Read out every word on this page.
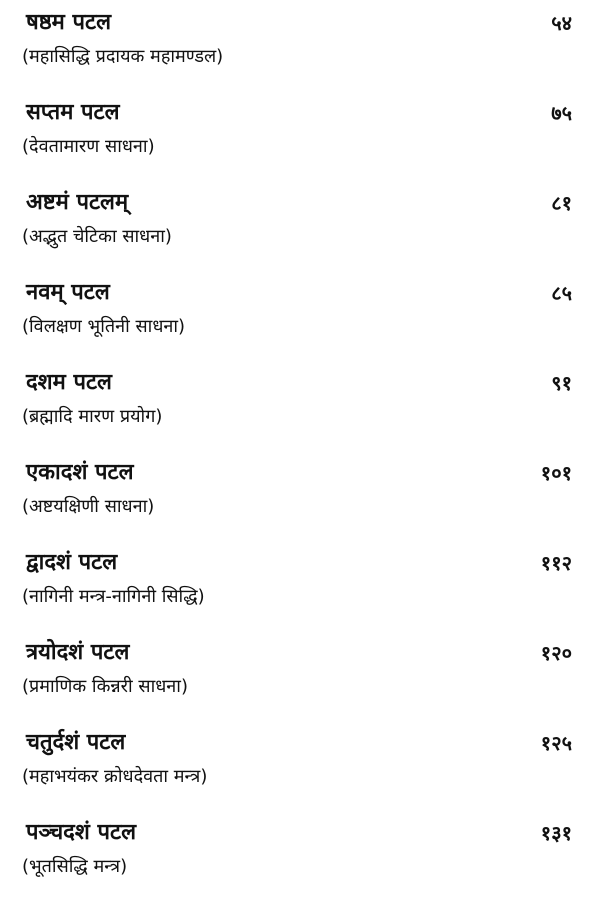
षष्ठम पटल	५४
(महासिद्धि प्रदायक महामण्डल)
सप्तम पटल	७५
(देवतामारण साधना)
अष्टमं पटलम्	८१
(अद्भुत चेटिका साधना)
नवम् पटल	८५
(विलक्षण भूतिनी साधना)
दशम पटल	९१
(ब्रह्मादि मारण प्रयोग)
एकादशं पटल	१०१
(अष्टयक्षिणी साधना)
द्वादशं पटल	११२
(नागिनी मन्त्र-नागिनी सिद्धि)
त्रयोदशं पटल	१२०
(प्रमाणिक किन्नरी साधना)
चतुर्दशं पटल	१२५
(महाभयंकर क्रोधदेवता मन्त्र)
पञ्चदशं पटल	१३१
(भूतसिद्धि मन्त्र)
